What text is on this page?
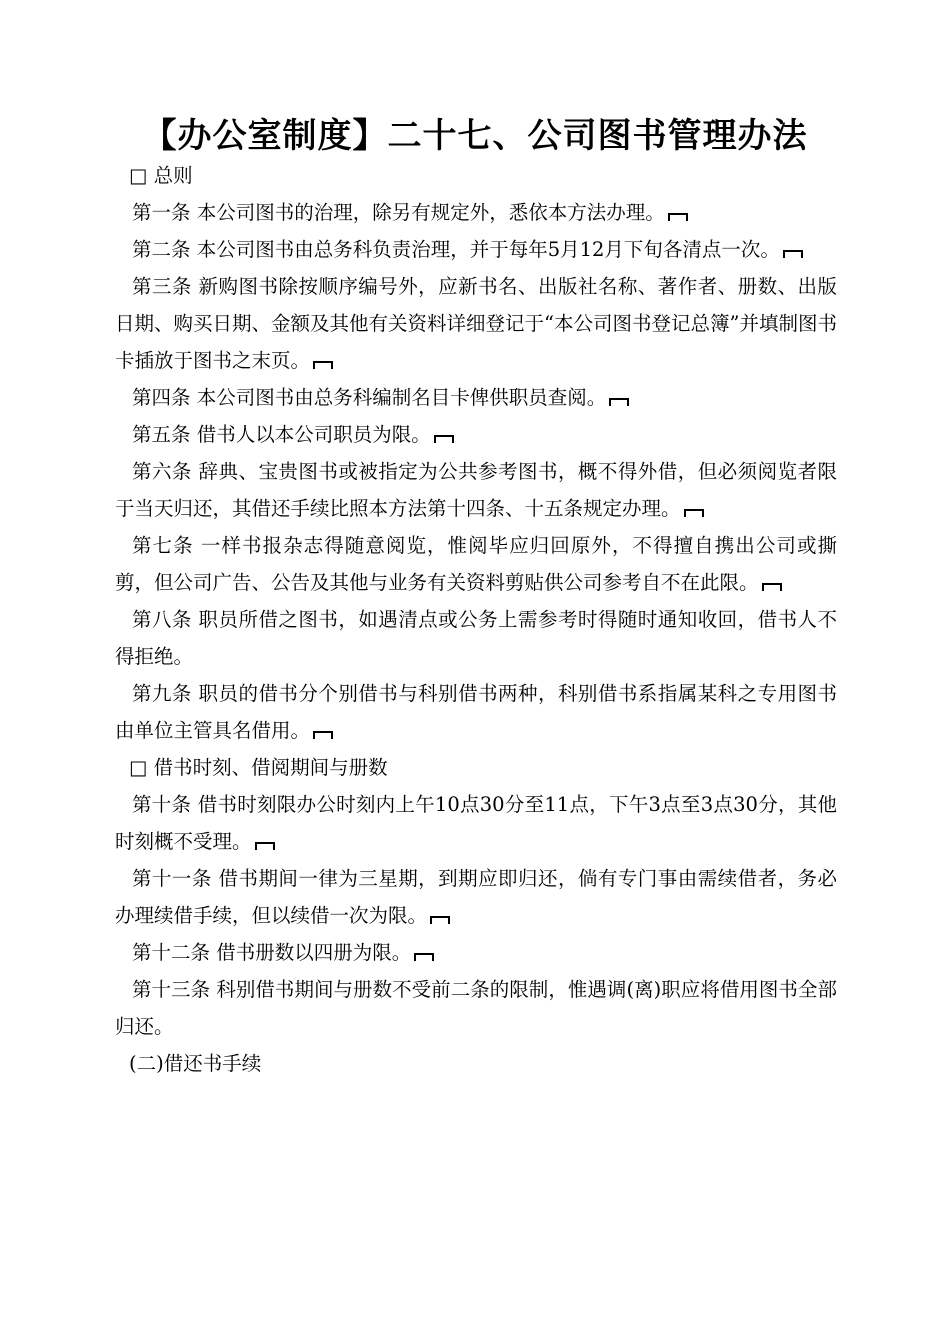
【办公室制度】二十七、公司图书管理办法

□ 总则

第一条 本公司图书的治理，除另有规定外，悉依本方法办理。

第二条 本公司图书由总务科负责治理，并于每年5月12月下旬各清点一次。

第三条 新购图书除按顺序编号外，应新书名、出版社名称、著作者、册数、出版日期、购买日期、金额及其他有关资料详细登记于“本公司图书登记总簿”并填制图书卡插放于图书之末页。

第四条 本公司图书由总务科编制名目卡俾供职员查阅。

第五条 借书人以本公司职员为限。

第六条 辞典、宝贵图书或被指定为公共参考图书，概不得外借，但必须阅览者限于当天归还，其借还手续比照本方法第十四条、十五条规定办理。

第七条 一样书报杂志得随意阅览，惟阅毕应归回原外，不得擅自携出公司或撕剪，但公司广告、公告及其他与业务有关资料剪贴供公司参考自不在此限。

第八条 职员所借之图书，如遇清点或公务上需参考时得随时通知收回，借书人不得拒绝。

第九条 职员的借书分个别借书与科别借书两种，科别借书系指属某科之专用图书由单位主管具名借用。

□ 借书时刻、借阅期间与册数

第十条 借书时刻限办公时刻内上午10点30分至11点，下午3点至3点30分，其他时刻概不受理。

第十一条 借书期间一律为三星期，到期应即归还，倘有专门事由需续借者，务必办理续借手续，但以续借一次为限。

第十二条 借书册数以四册为限。

第十三条 科别借书期间与册数不受前二条的限制，惟遇调(离)职应将借用图书全部归还。

(二)借还书手续
